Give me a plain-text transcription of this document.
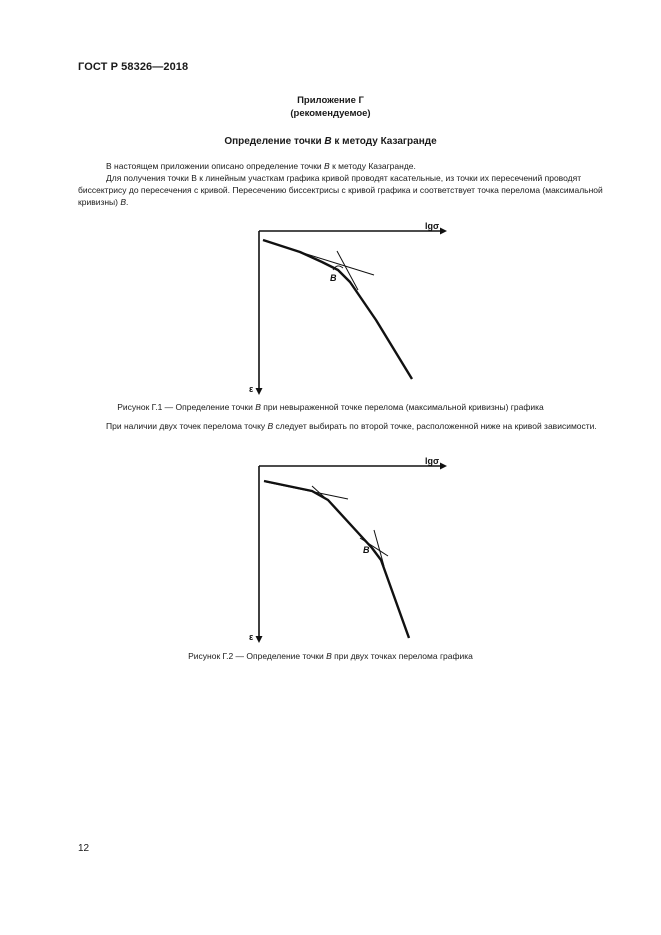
ГОСТ Р 58326—2018
Приложение Г
(рекомендуемое)
Определение точки B к методу Казагранде
В настоящем приложении описано определение точки B к методу Казагранде.
Для получения точки В к линейным участкам графика кривой проводят касательные, из точки их пересечений проводят биссектрису до пересечения с кривой. Пересечению биссектрисы с кривой графика и соответствует точка перелома (максимальной кривизны) B.
lgσ
ε
B
lgσ
ε
B
Рисунок Г.1 — Определение точки B при невыраженной точке перелома (максимальной кривизны) графика
При наличии двух точек перелома точку B следует выбирать по второй точке, расположенной ниже на кривой зависимости.
Рисунок Г.2 — Определение точки B при двух точках перелома графика
12
